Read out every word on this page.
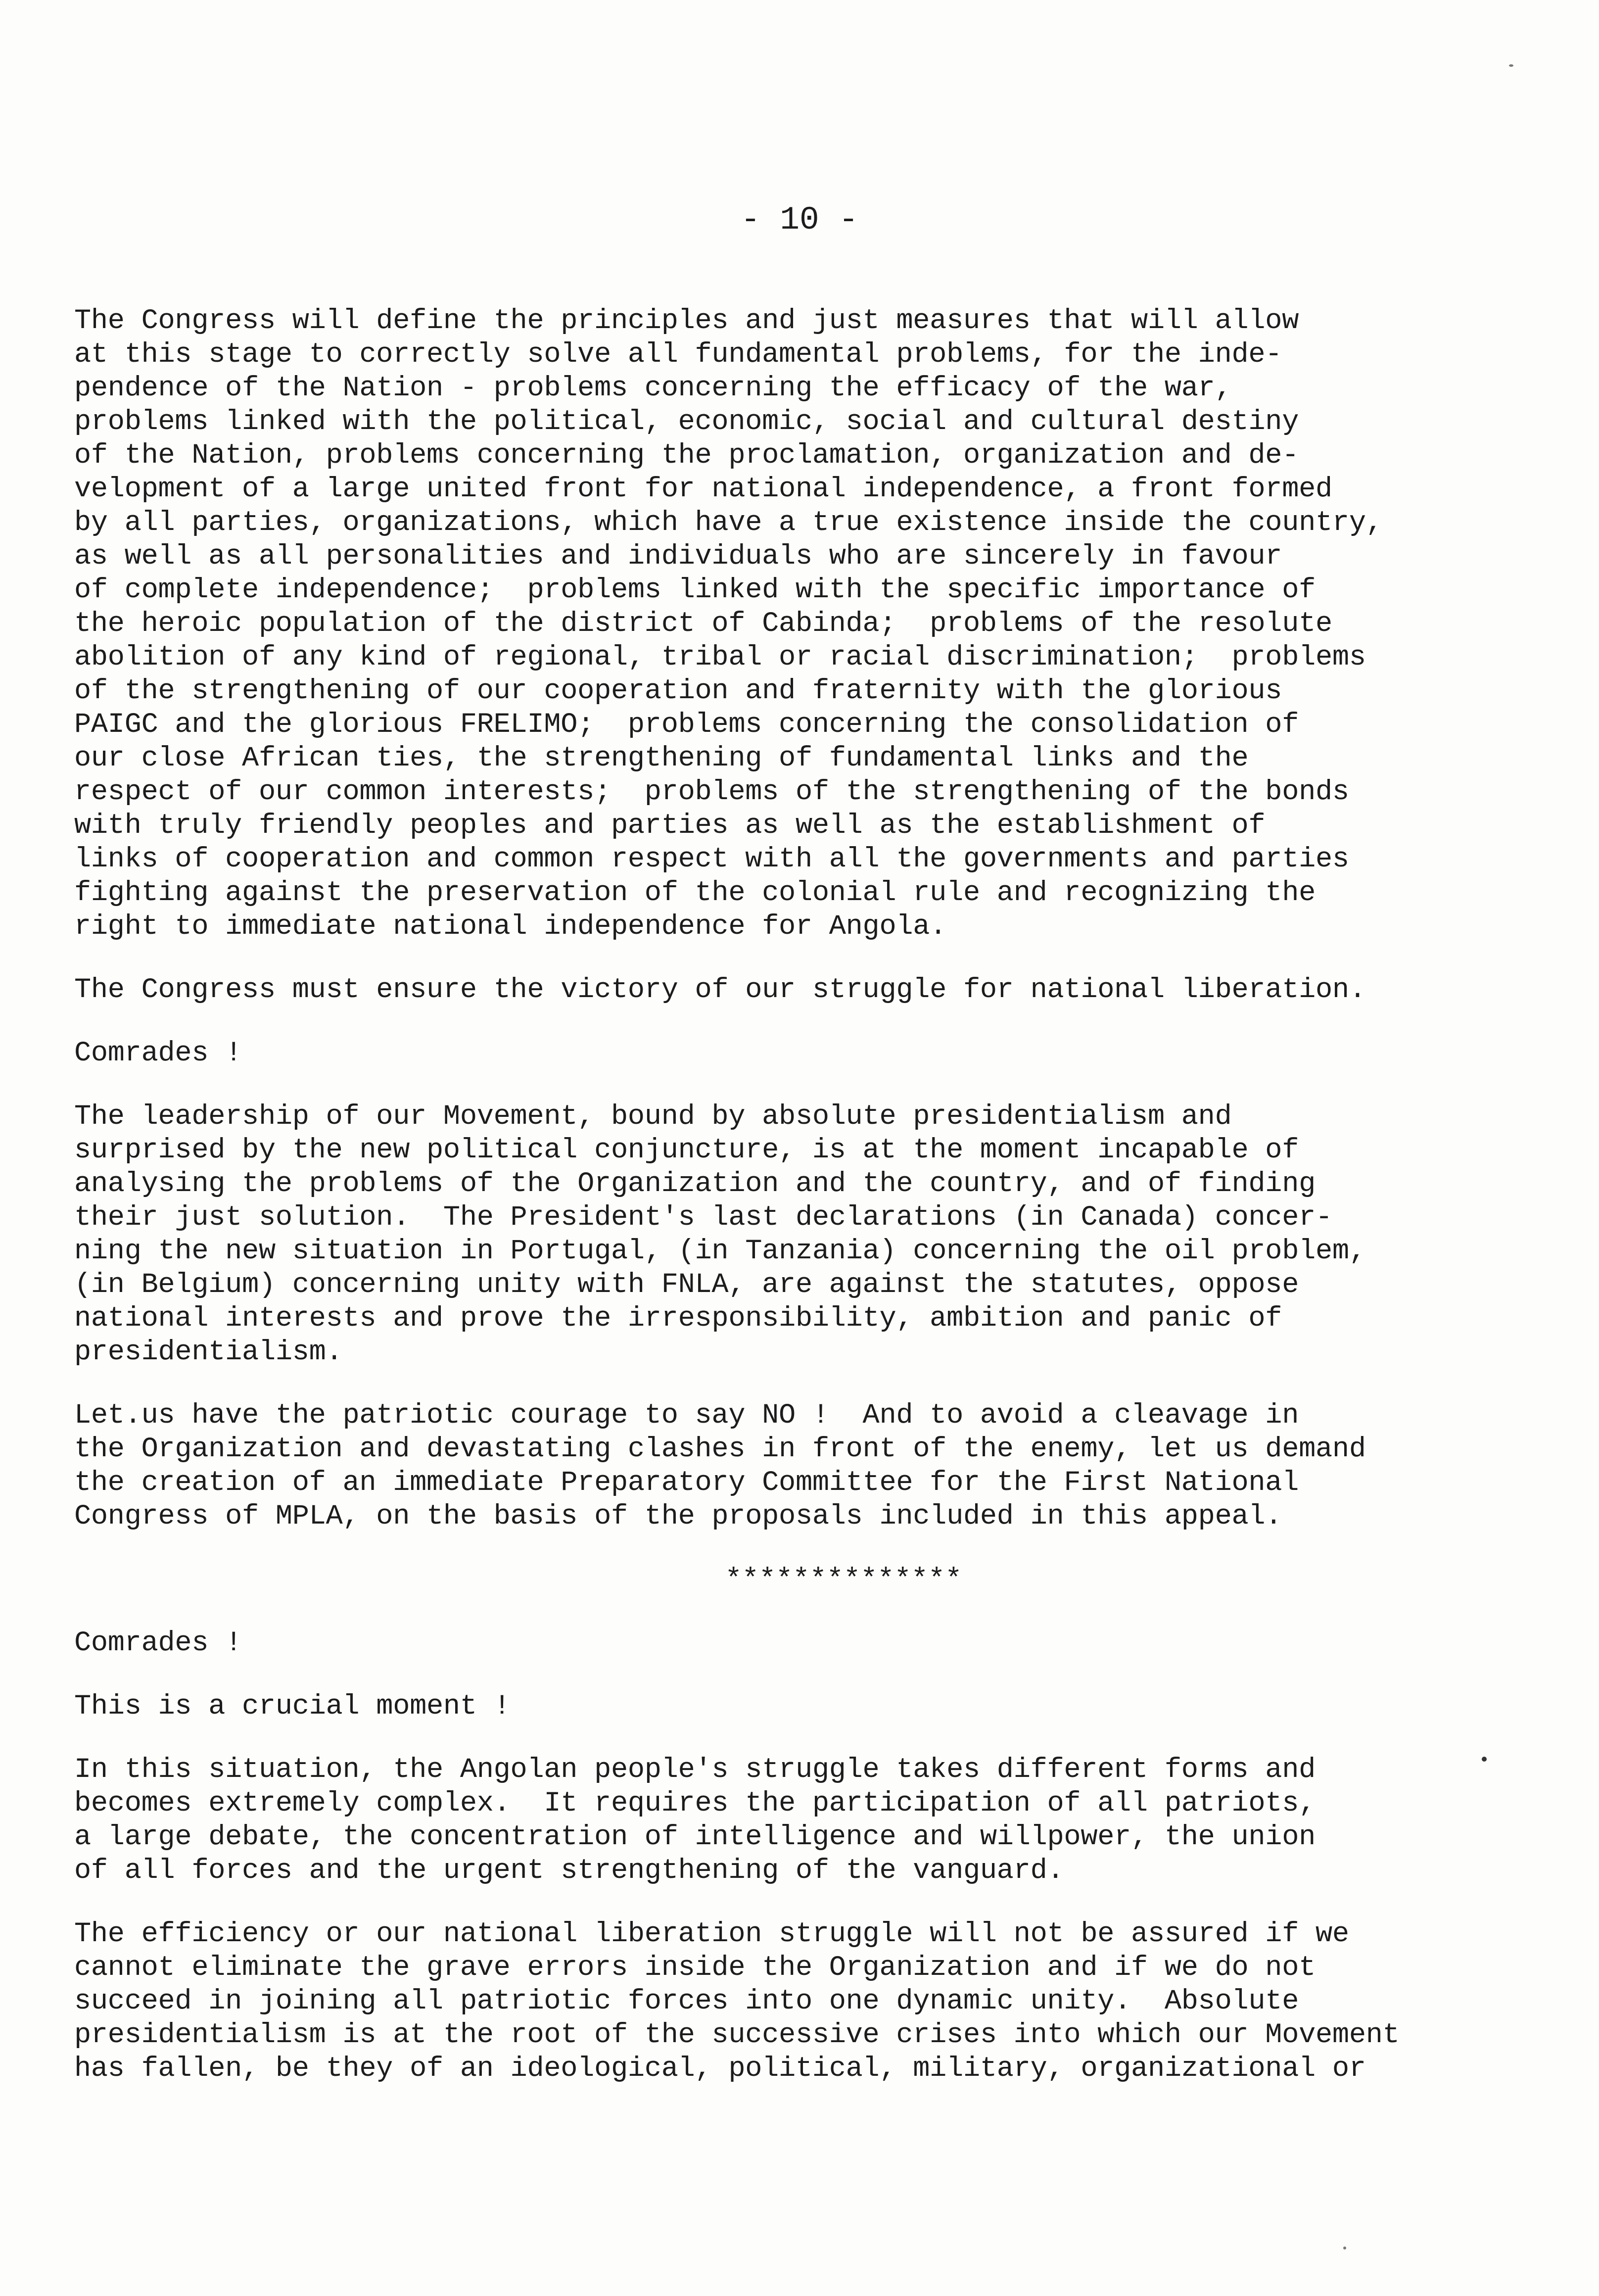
- 10 -

The Congress will define the principles and just measures that will allow
at this stage to correctly solve all fundamental problems, for the inde-
pendence of the Nation - problems concerning the efficacy of the war,
problems linked with the political, economic, social and cultural destiny
of the Nation, problems concerning the proclamation, organization and de-
velopment of a large united front for national independence, a front formed
by all parties, organizations, which have a true existence inside the country,
as well as all personalities and individuals who are sincerely in favour
of complete independence;  problems linked with the specific importance of
the heroic population of the district of Cabinda;  problems of the resolute
abolition of any kind of regional, tribal or racial discrimination;  problems
of the strengthening of our cooperation and fraternity with the glorious
PAIGC and the glorious FRELIMO;  problems concerning the consolidation of
our close African ties, the strengthening of fundamental links and the
respect of our common interests;  problems of the strengthening of the bonds
with truly friendly peoples and parties as well as the establishment of
links of cooperation and common respect with all the governments and parties
fighting against the preservation of the colonial rule and recognizing the
right to immediate national independence for Angola.

The Congress must ensure the victory of our struggle for national liberation.

Comrades !

The leadership of our Movement, bound by absolute presidentialism and
surprised by the new political conjuncture, is at the moment incapable of
analysing the problems of the Organization and the country, and of finding
their just solution.  The President's last declarations (in Canada) concer-
ning the new situation in Portugal, (in Tanzania) concerning the oil problem,
(in Belgium) concerning unity with FNLA, are against the statutes, oppose
national interests and prove the irresponsibility, ambition and panic of
presidentialism.

Let.us have the patriotic courage to say NO !  And to avoid a cleavage in
the Organization and devastating clashes in front of the enemy, let us demand
the creation of an immediate Preparatory Committee for the First National
Congress of MPLA, on the basis of the proposals included in this appeal.

**************

Comrades !

This is a crucial moment !

In this situation, the Angolan people's struggle takes different forms and
becomes extremely complex.  It requires the participation of all patriots,
a large debate, the concentration of intelligence and willpower, the union
of all forces and the urgent strengthening of the vanguard.

The efficiency or our national liberation struggle will not be assured if we
cannot eliminate the grave errors inside the Organization and if we do not
succeed in joining all patriotic forces into one dynamic unity.  Absolute
presidentialism is at the root of the successive crises into which our Movement
has fallen, be they of an ideological, political, military, organizational or
